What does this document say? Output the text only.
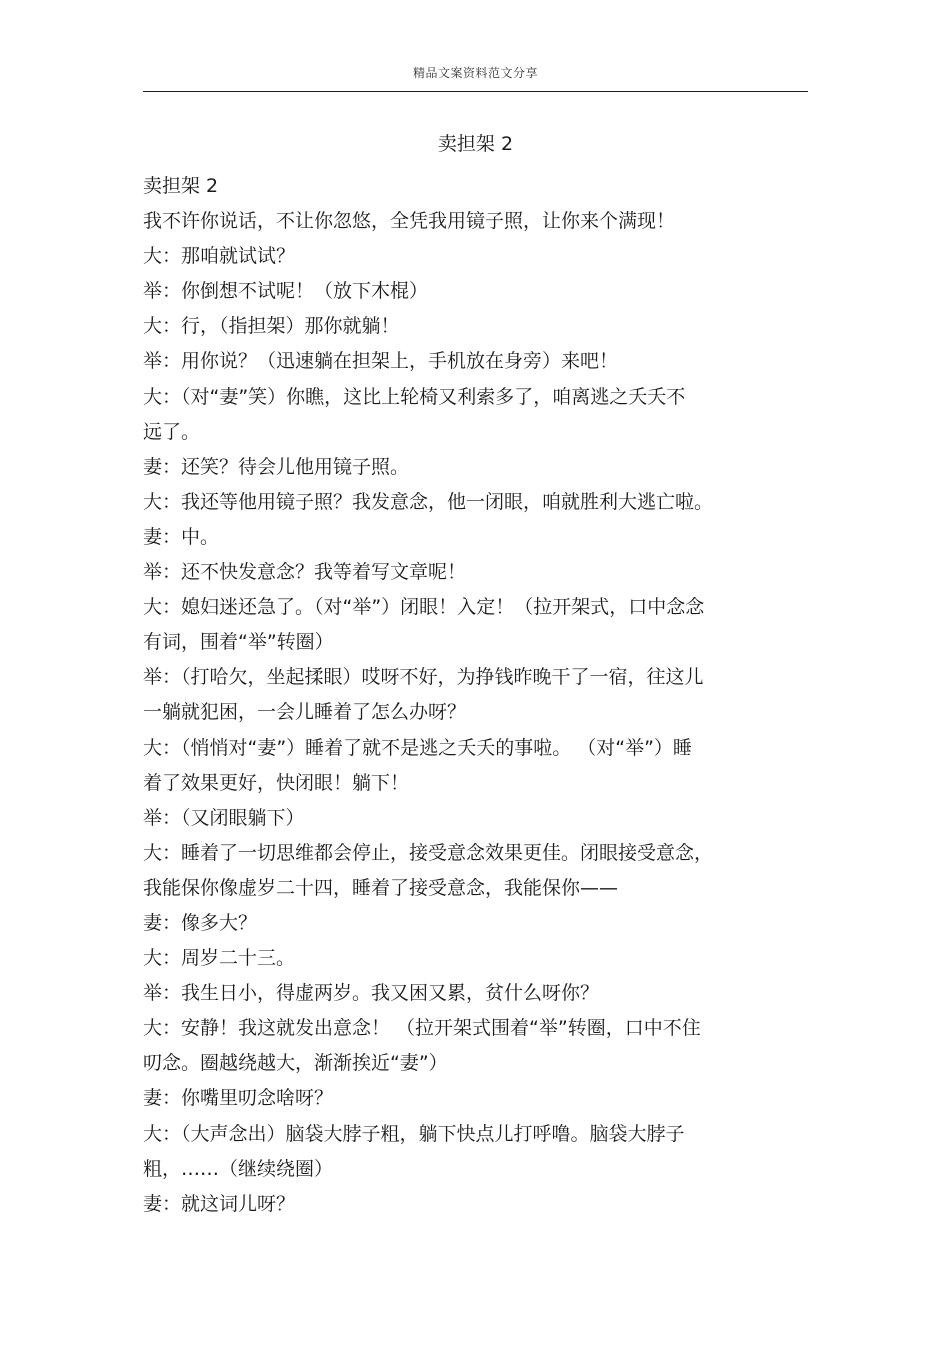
精品文案资料范文分享
卖担架 2
卖担架 2
我不许你说话，不让你忽悠，全凭我用镜子照，让你来个满现！
大：那咱就试试？
举：你倒想不试呢！（放下木棍）
大：行，（指担架）那你就躺！
举：用你说？（迅速躺在担架上，手机放在身旁）来吧！
大：（对“妻”笑）你瞧，这比上轮椅又利索多了，咱离逃之夭夭不
远了。
妻：还笑？待会儿他用镜子照。
大：我还等他用镜子照？我发意念，他一闭眼，咱就胜利大逃亡啦。
妻：中。
举：还不快发意念？我等着写文章呢！
大：媳妇迷还急了。（对“举”）闭眼！入定！（拉开架式，口中念念
有词，围着“举”转圈）
举：（打哈欠，坐起揉眼）哎呀不好，为挣钱昨晚干了一宿，往这儿
一躺就犯困，一会儿睡着了怎么办呀？
大：（悄悄对“妻”）睡着了就不是逃之夭夭的事啦。 （对“举”）睡
着了效果更好，快闭眼！躺下！
举：（又闭眼躺下）
大：睡着了一切思维都会停止，接受意念效果更佳。闭眼接受意念，
我能保你像虚岁二十四，睡着了接受意念，我能保你——
妻：像多大？
大：周岁二十三。
举：我生日小，得虚两岁。我又困又累，贫什么呀你？
大：安静！我这就发出意念！ （拉开架式围着“举”转圈，口中不住
叨念。圈越绕越大，渐渐挨近“妻”）
妻：你嘴里叨念啥呀？
大：（大声念出）脑袋大脖子粗，躺下快点儿打呼噜。脑袋大脖子
粗，……（继续绕圈）
妻：就这词儿呀？
